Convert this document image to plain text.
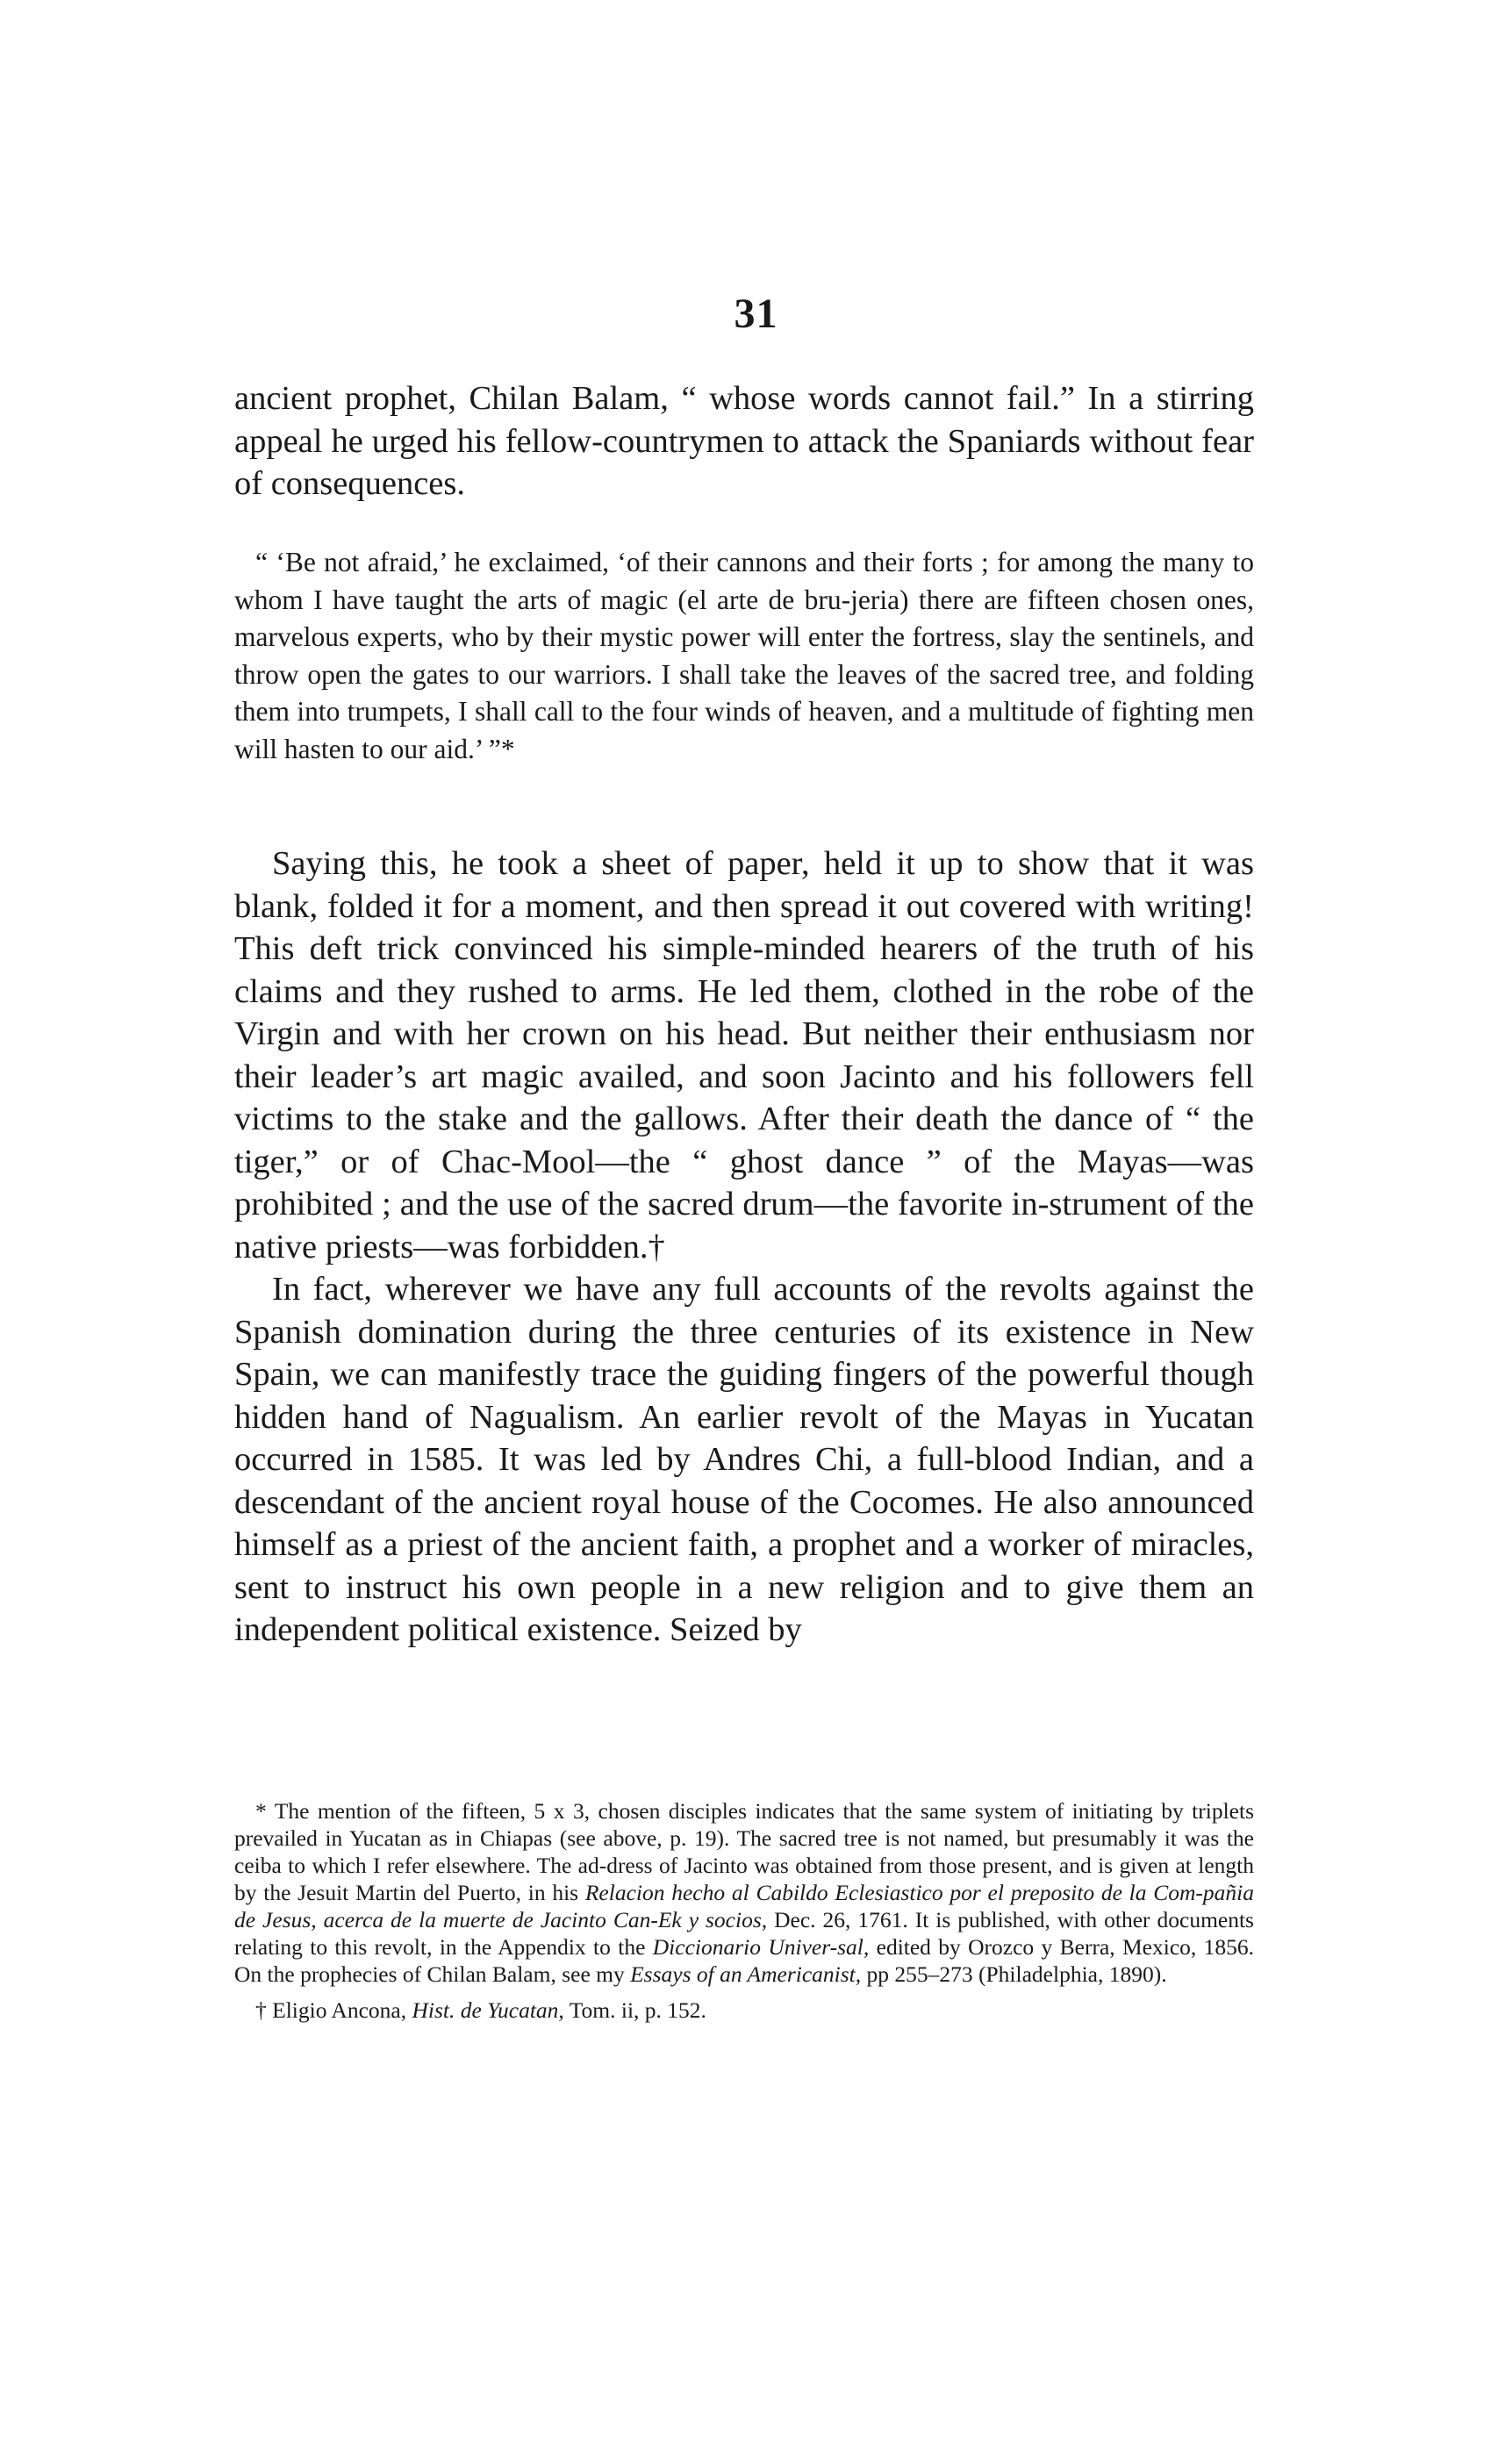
31

ancient prophet, Chilan Balam, “ whose words cannot fail.” In a stirring appeal he urged his fellow-countrymen to attack the Spaniards without fear of consequences.

“ ‘Be not afraid,’ he exclaimed, ‘of their cannons and their forts ; for among the many to whom I have taught the arts of magic (el arte de bru-jeria) there are fifteen chosen ones, marvelous experts, who by their mystic power will enter the fortress, slay the sentinels, and throw open the gates to our warriors. I shall take the leaves of the sacred tree, and folding them into trumpets, I shall call to the four winds of heaven, and a multitude of fighting men will hasten to our aid.’ ”*

Saying this, he took a sheet of paper, held it up to show that it was blank, folded it for a moment, and then spread it out covered with writing! This deft trick convinced his simple-minded hearers of the truth of his claims and they rushed to arms. He led them, clothed in the robe of the Virgin and with her crown on his head. But neither their enthusiasm nor their leader’s art magic availed, and soon Jacinto and his followers fell victims to the stake and the gallows. After their death the dance of “ the tiger,” or of Chac-Mool—the “ ghost dance ” of the Mayas—was prohibited ; and the use of the sacred drum—the favorite in-strument of the native priests—was forbidden.†

In fact, wherever we have any full accounts of the revolts against the Spanish domination during the three centuries of its existence in New Spain, we can manifestly trace the guiding fingers of the powerful though hidden hand of Nagualism. An earlier revolt of the Mayas in Yucatan occurred in 1585. It was led by Andres Chi, a full-blood Indian, and a descendant of the ancient royal house of the Cocomes. He also announced himself as a priest of the ancient faith, a prophet and a worker of miracles, sent to instruct his own people in a new religion and to give them an independent political existence. Seized by

* The mention of the fifteen, 5 x 3, chosen disciples indicates that the same system of initiating by triplets prevailed in Yucatan as in Chiapas (see above, p. 19). The sacred tree is not named, but presumably it was the ceiba to which I refer elsewhere. The ad-dress of Jacinto was obtained from those present, and is given at length by the Jesuit Martin del Puerto, in his Relacion hecho al Cabildo Eclesiastico por el preposito de la Com-pañia de Jesus, acerca de la muerte de Jacinto Can-Ek y socios, Dec. 26, 1761. It is published, with other documents relating to this revolt, in the Appendix to the Diccionario Univer-sal, edited by Orozco y Berra, Mexico, 1856. On the prophecies of Chilan Balam, see my Essays of an Americanist, pp 255–273 (Philadelphia, 1890).

† Eligio Ancona, Hist. de Yucatan, Tom. ii, p. 152.
